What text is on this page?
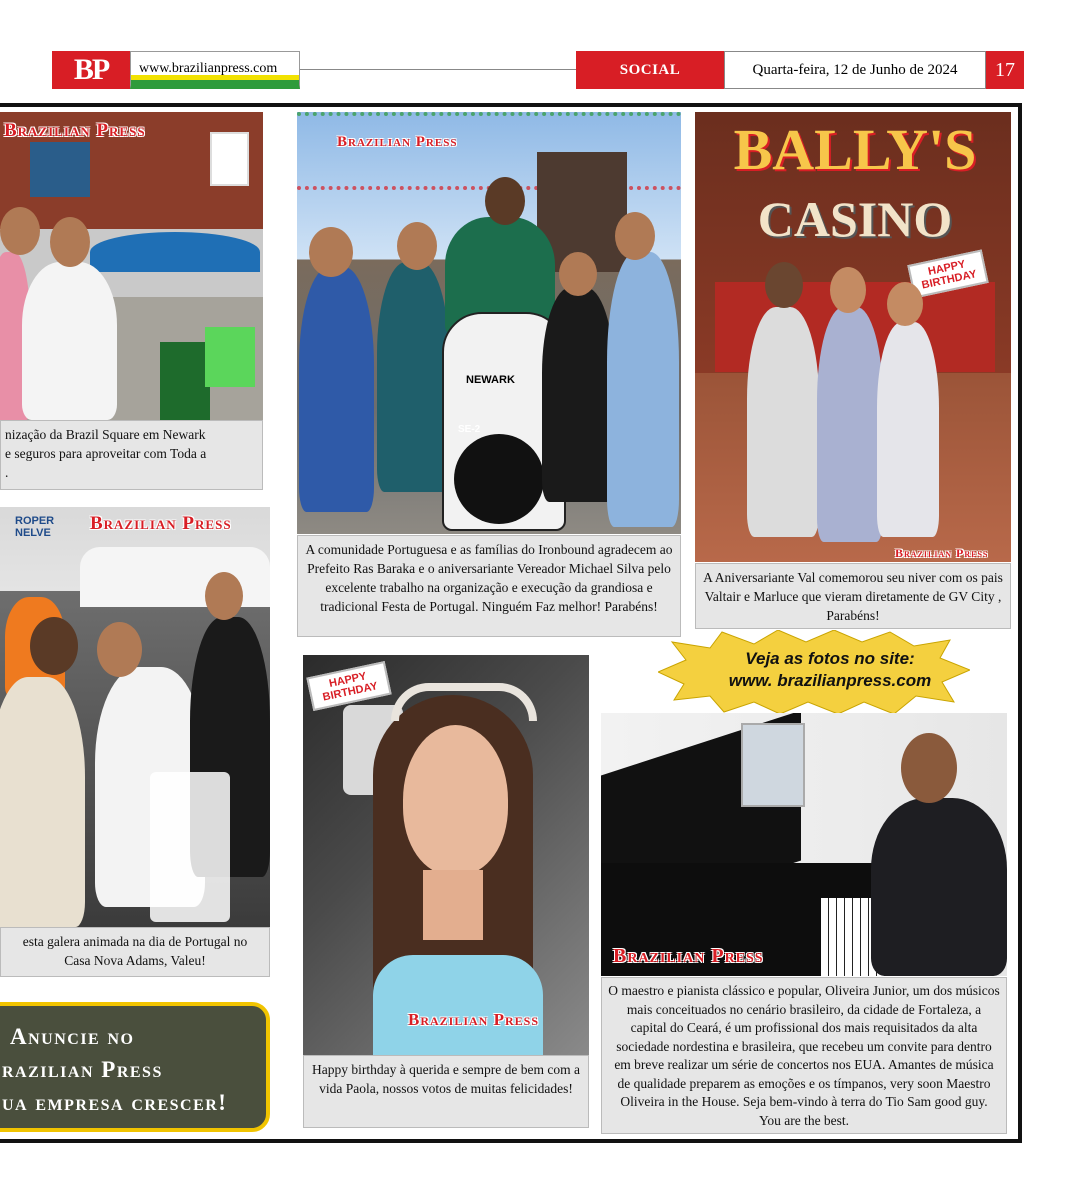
BP	www.brazilianpress.com	SOCIAL	Quarta-feira, 12 de Junho de 2024	17
Brazilian Press
nização da Brazil Square em Newark
e seguros para aproveitar com Toda a
.
NEWARK
SE-2
Brazilian Press
A comunidade Portuguesa e as famílias do Ironbound agradecem ao Prefeito Ras Baraka e o aniversariante Vereador Michael Silva pelo excelente trabalho na organização e execução da grandiosa e tradicional Festa de Portugal. Ninguém Faz melhor! Parabéns!
BALLY'S
CASINO
HAPPY BIRTHDAY
Brazilian Press
A Aniversariante Val comemorou seu niver com os pais Valtair e Marluce que vieram diretamente de GV City , Parabéns!
ROPER
NELVE Brazilian Press
esta galera animada na dia de Portugal no
Casa Nova Adams, Valeu!
HAPPY BIRTHDAY
Brazilian Press
Happy birthday à querida e sempre de bem com a vida Paola, nossos votos de muitas felicidades!
Veja as fotos no site:
www. brazilianpress.com
Brazilian Press
O maestro e pianista clássico e popular, Oliveira Junior, um dos músicos mais conceituados no cenário brasileiro, da cidade de Fortaleza, a capital do Ceará, é um profissional dos mais requisitados da alta sociedade nordestina e brasileira, que recebeu um convite para dentro em breve realizar um série de concertos nos EUA. Amantes de música de qualidade preparem as emoções e os tímpanos, very soon Maestro Oliveira in the House. Seja bem-vindo à terra do Tio Sam good guy. You are the best.
Anuncie no
razilian Press
ua empresa crescer!
